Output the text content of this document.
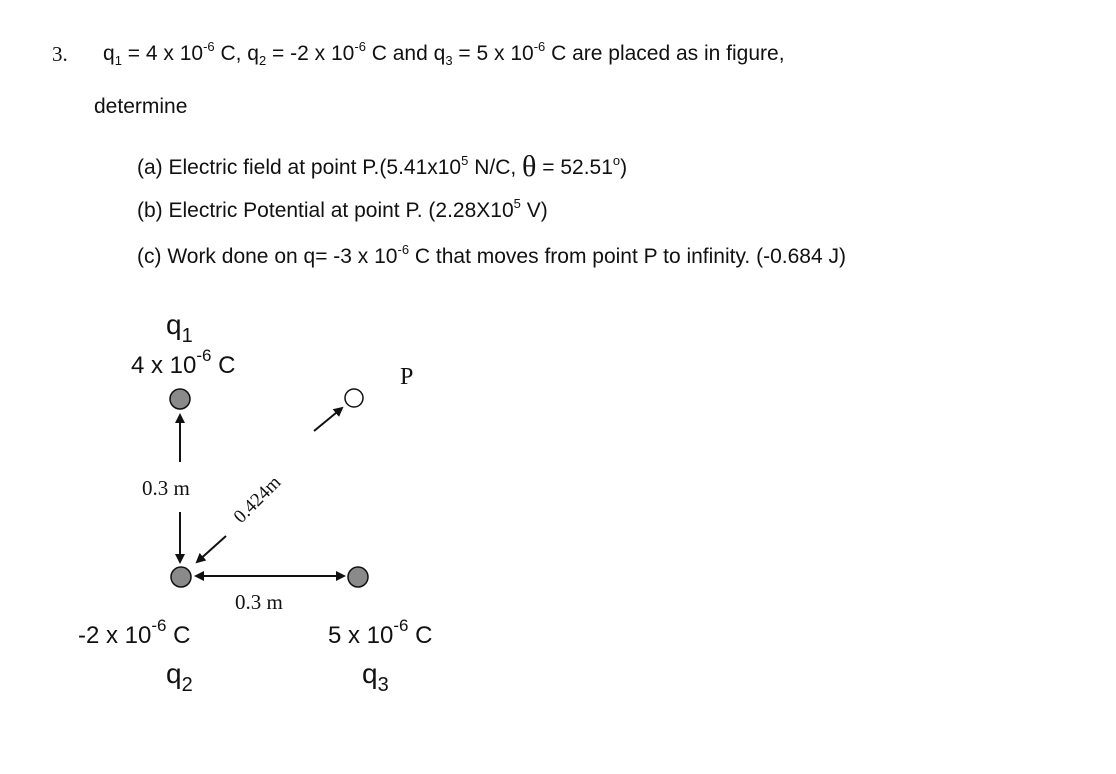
3. $q_1 = 4$ x $10^{-6}$ C, $q_2 = -2$ x $10^{-6}$ C and $q_3 = 5$ x $10^{-6}$ C are placed as in figure,
determine
(a) Electric field at point $P.(5.41x10^5$ N/C, $\theta = 52.51^o$)
(b) Electric Potential at point P. ($2.28X10^5$ V)
(c) Work done on q= -3 x $10^{-6}$ C that moves from point P to infinity. (-0.684 J)
$q_1$
4 x $10^{-6}$ C	P
0.3 m 0.424m
0.3 m
-2 x $10^{-6}$ C
$q_2$
5 x $10^{-6}$ C
$q_3$
